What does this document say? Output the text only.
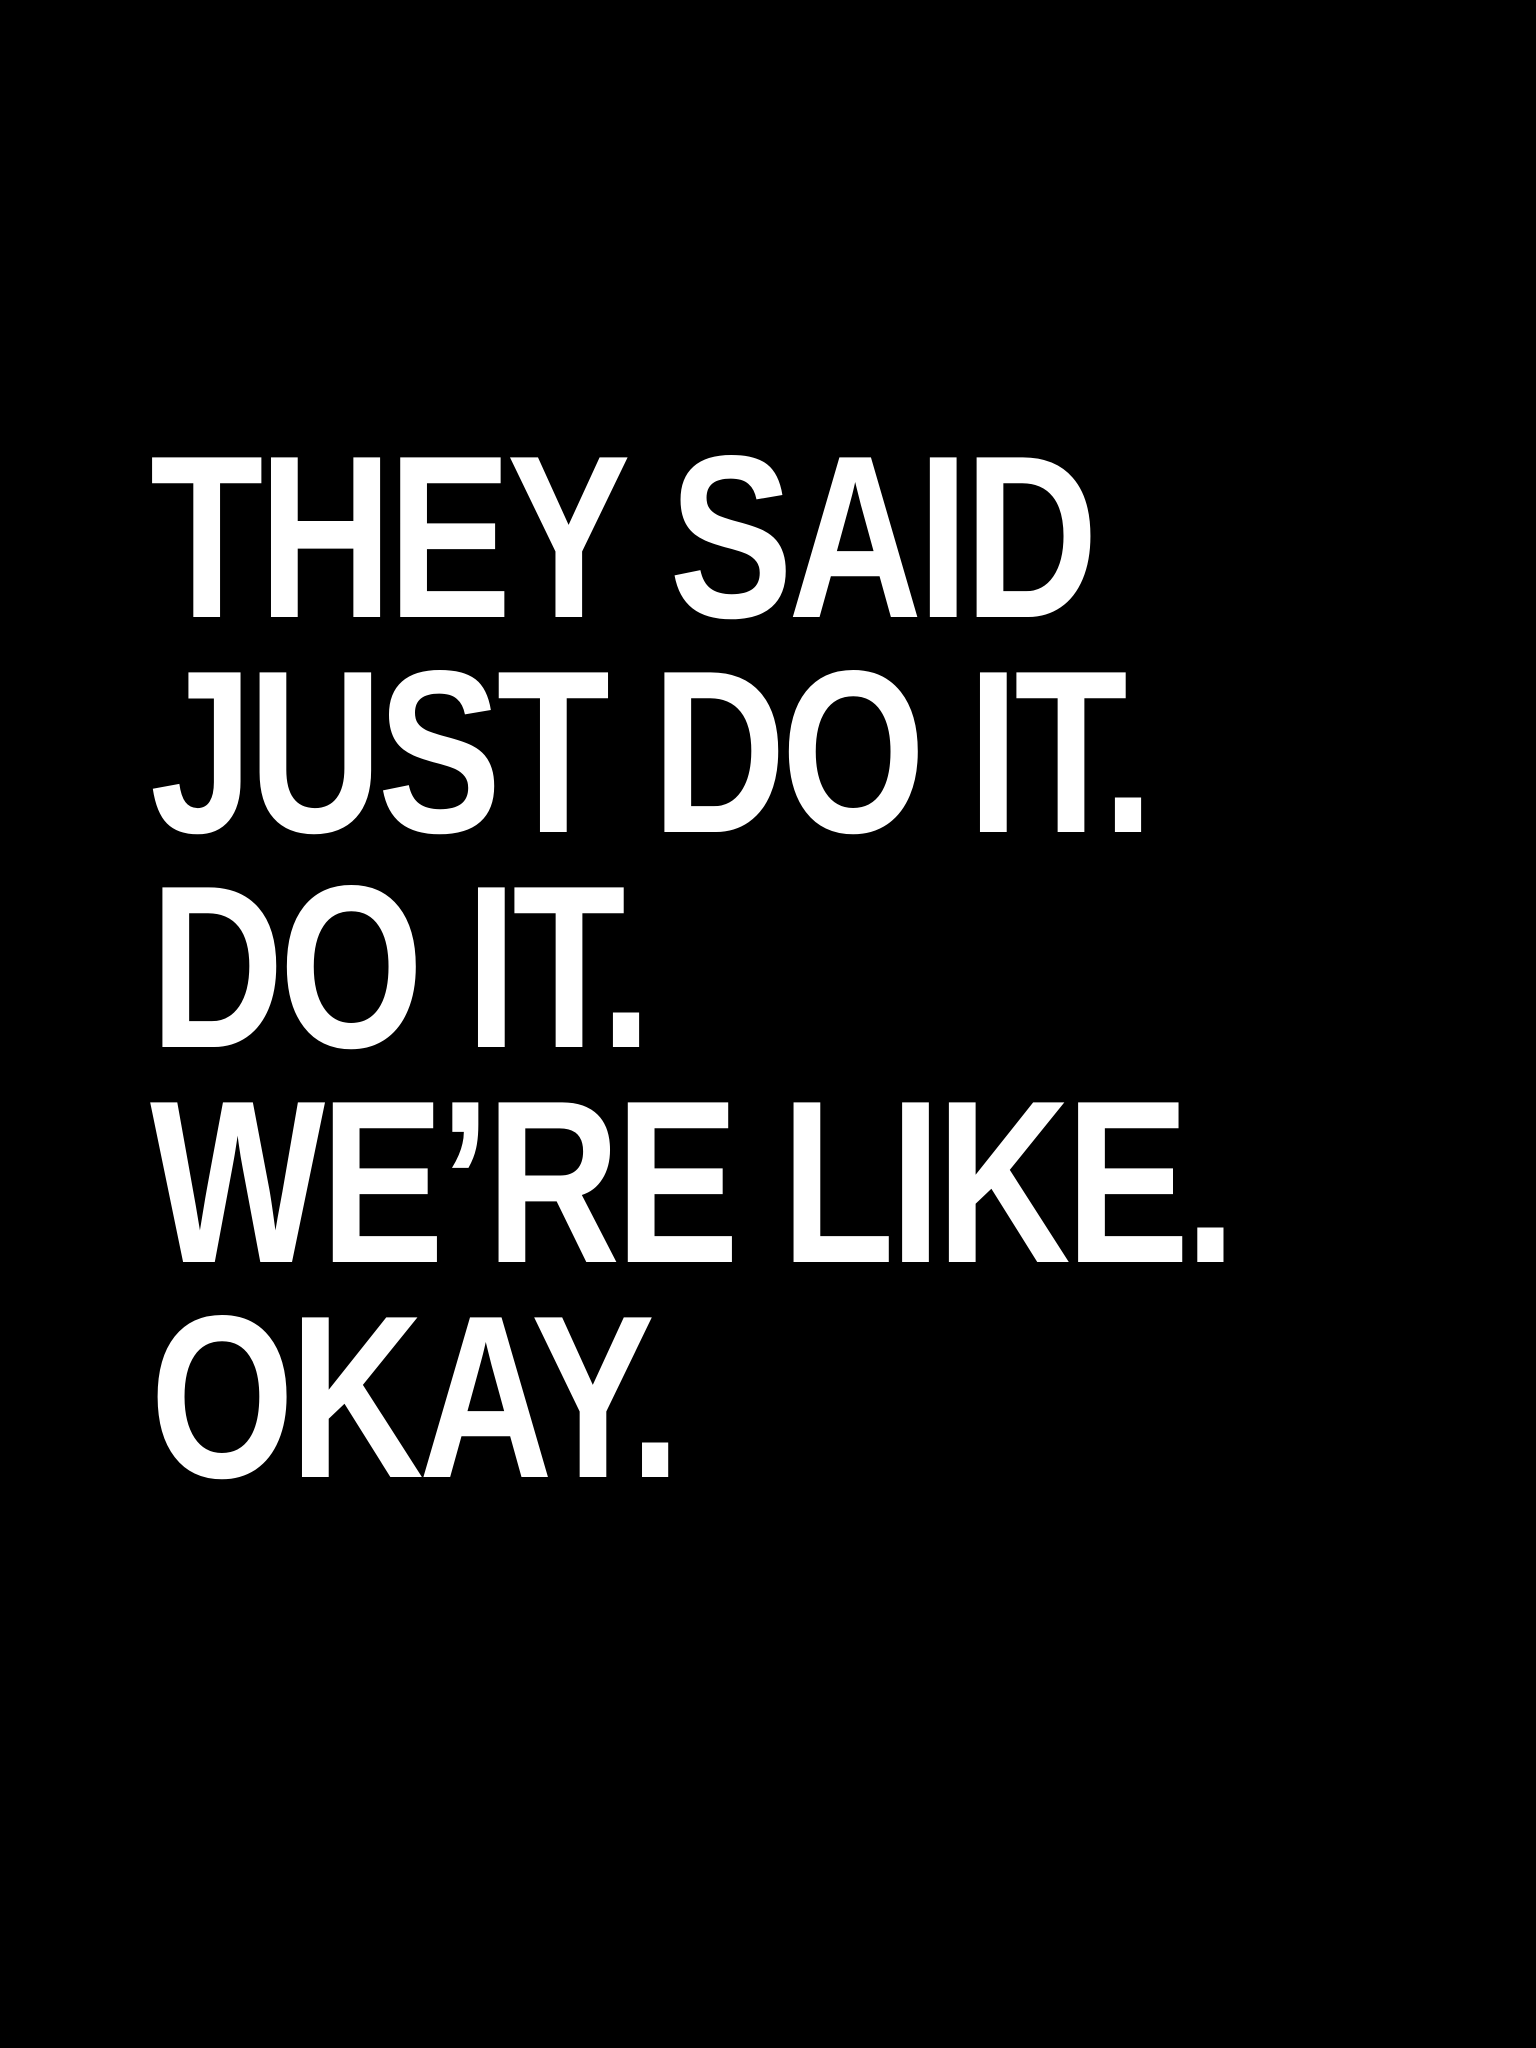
THEY SAID
JUST DO IT.
DO IT.
WE’RE LIKE.
OKAY.
